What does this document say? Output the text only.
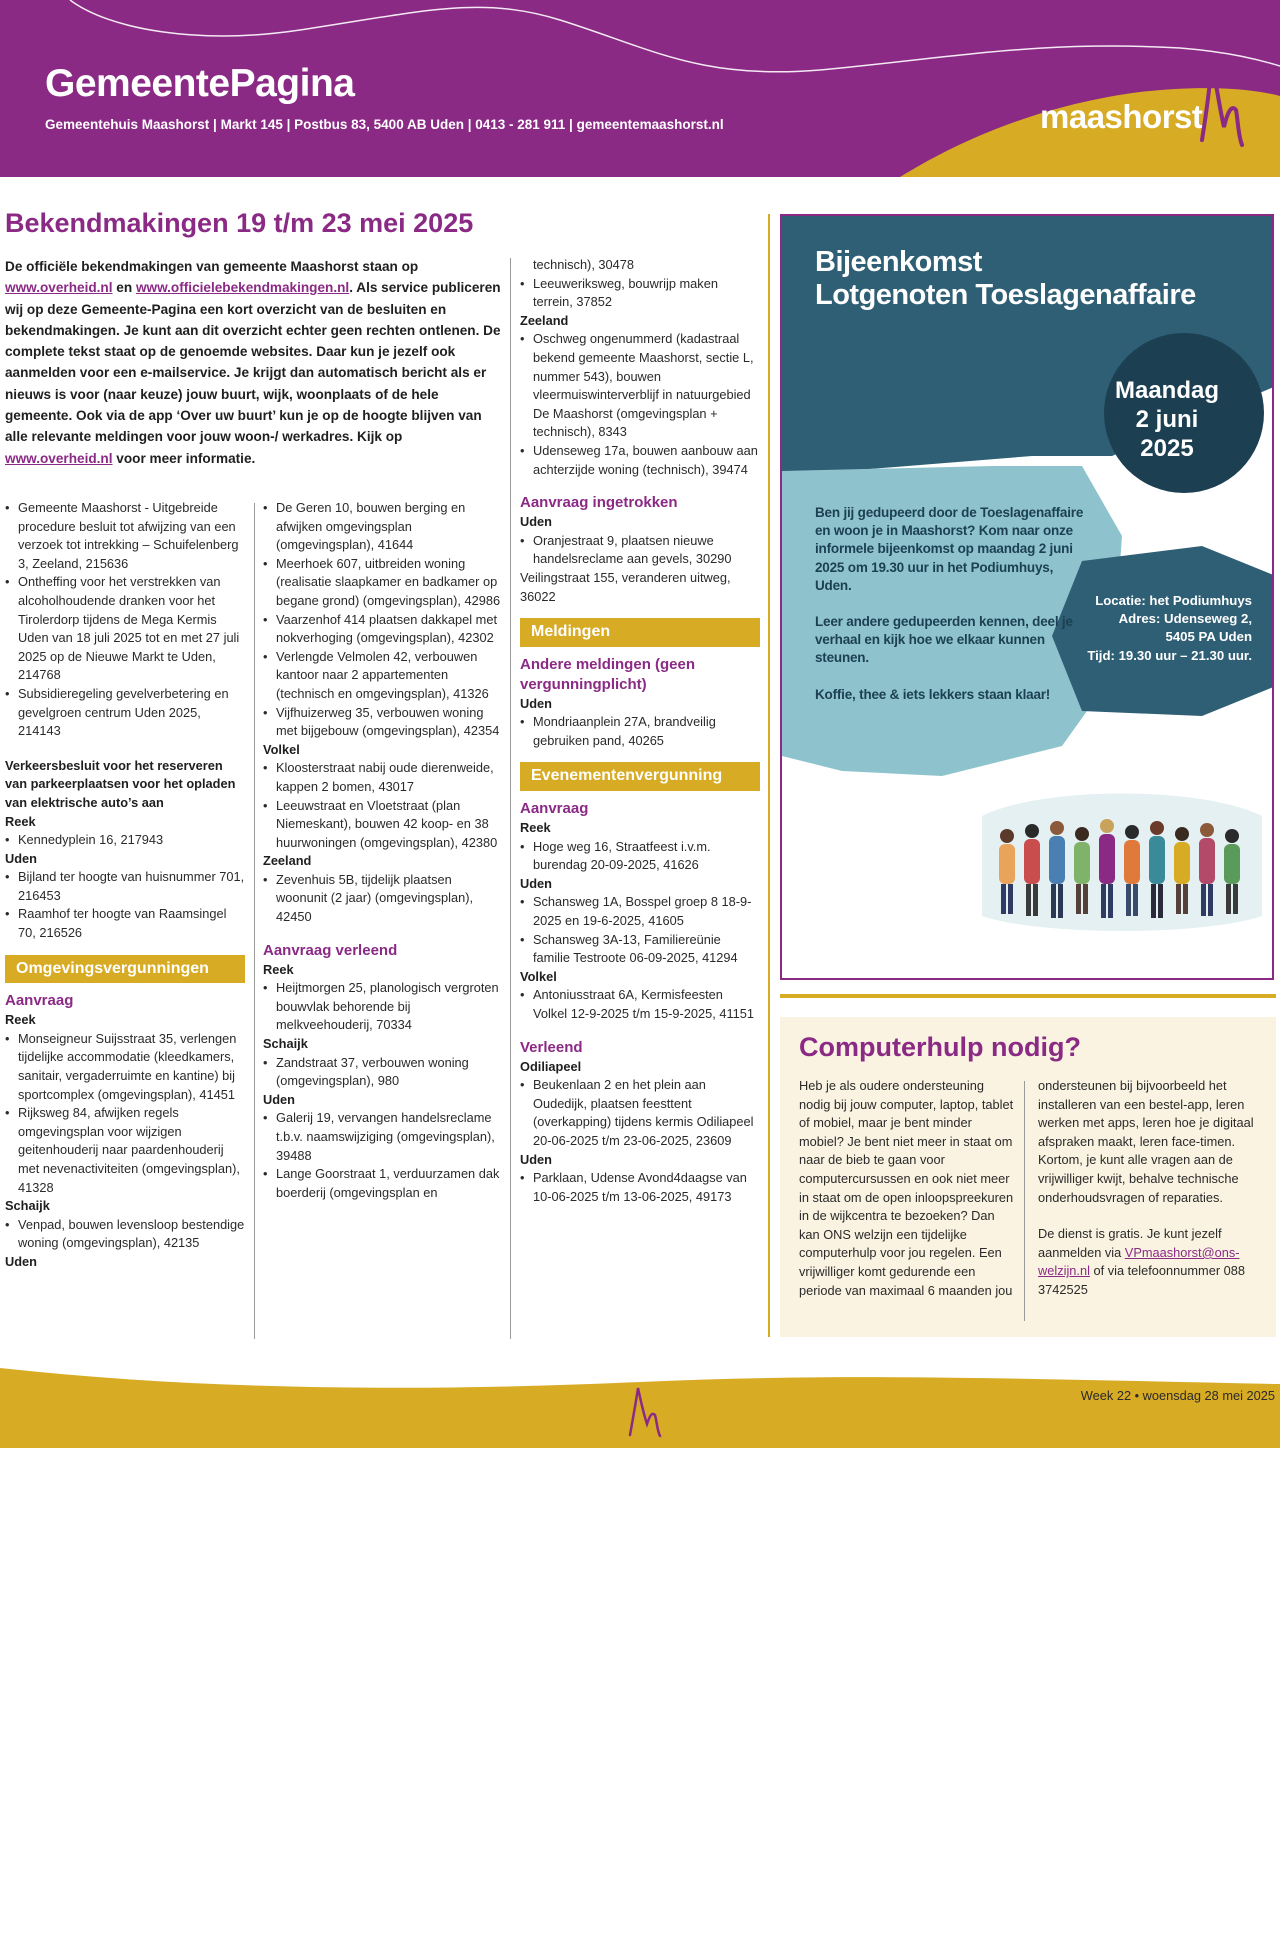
GemeentePagina
Gemeentehuis Maashorst | Markt 145 | Postbus 83, 5400 AB Uden | 0413 - 281 911 | gemeentemaashorst.nl	maashorst
Bekendmakingen 19 t/m 23 mei 2025
De officiële bekendmakingen van gemeente Maashorst staan op www.overheid.nl en www.officielebekendmakingen.nl. Als service publiceren wij op deze Gemeente-Pagina een kort overzicht van de besluiten en bekendmakingen. Je kunt aan dit overzicht echter geen rechten ontlenen. De complete tekst staat op de genoemde websites. Daar kun je jezelf ook aanmelden voor een e-mailservice. Je krijgt dan automatisch bericht als er nieuws is voor (naar keuze) jouw buurt, wijk, woonplaats of de hele gemeente. Ook via de app ‘Over uw buurt’ kun je op de hoogte blijven van alle relevante meldingen voor jouw woon-/ werkadres. Kijk op www.overheid.nl voor meer informatie.
• Gemeente Maashorst - Uitgebreide procedure besluit tot afwijzing van een verzoek tot intrekking – Schuifelenberg 3, Zeeland, 215636
• Ontheffing voor het verstrekken van alcoholhoudende dranken voor het Tirolerdorp tijdens de Mega Kermis Uden van 18 juli 2025 tot en met 27 juli 2025 op de Nieuwe Markt te Uden, 214768
• Subsidieregeling gevelverbetering en gevelgroen centrum Uden 2025, 214143
Verkeersbesluit voor het reserveren van parkeerplaatsen voor het opladen van elektrische auto’s aan
Reek
• Kennedyplein 16, 217943
Uden
• Bijland ter hoogte van huisnummer 701, 216453
• Raamhof ter hoogte van Raamsingel 70, 216526
Omgevingsvergunningen
Aanvraag
Reek
• Monseigneur Suijsstraat 35, verlengen tijdelijke accommodatie (kleedkamers, sanitair, vergaderruimte en kantine) bij sportcomplex (omgevingsplan), 41451
• Rijksweg 84, afwijken regels omgevingsplan voor wijzigen geitenhouderij naar paardenhouderij met nevenactiviteiten (omgevingsplan), 41328
Schaijk
• Venpad, bouwen levensloop bestendige woning (omgevingsplan), 42135
Uden
• De Geren 10, bouwen berging en afwijken omgevingsplan (omgevingsplan), 41644
• Meerhoek 607, uitbreiden woning (realisatie slaapkamer en badkamer op begane grond) (omgevingsplan), 42986
• Vaarzenhof 414 plaatsen dakkapel met nokverhoging (omgevingsplan), 42302
• Verlengde Velmolen 42, verbouwen kantoor naar 2 appartementen (technisch en omgevingsplan), 41326
• Vijfhuizerweg 35, verbouwen woning met bijgebouw (omgevingsplan), 42354
Volkel
• Kloosterstraat nabij oude dierenweide, kappen 2 bomen, 43017
• Leeuwstraat en Vloetstraat (plan Niemeskant), bouwen 42 koop- en 38 huurwoningen (omgevingsplan), 42380
Zeeland
• Zevenhuis 5B, tijdelijk plaatsen woonunit (2 jaar) (omgevingsplan), 42450
Aanvraag verleend
Reek
• Heijtmorgen 25, planologisch vergroten bouwvlak behorende bij melkveehouderij, 70334
Schaijk
• Zandstraat 37, verbouwen woning (omgevingsplan), 980
Uden
• Galerij 19, vervangen handelsreclame t.b.v. naamswijziging (omgevingsplan), 39488
• Lange Goorstraat 1, verduurzamen dak boerderij (omgevingsplan en
technisch), 30478
• Leeuweriksweg, bouwrijp maken terrein, 37852
Zeeland
• Oschweg ongenummerd (kadastraal bekend gemeente Maashorst, sectie L, nummer 543), bouwen vleermuiswinterverblijf in natuurgebied De Maashorst (omgevingsplan + technisch), 8343
• Udenseweg 17a, bouwen aanbouw aan achterzijde woning (technisch), 39474
Aanvraag ingetrokken
Uden
• Oranjestraat 9, plaatsen nieuwe handelsreclame aan gevels, 30290
Veilingstraat 155, veranderen uitweg, 36022
Meldingen
Andere meldingen (geen vergunningplicht)
Uden
• Mondriaanplein 27A, brandveilig gebruiken pand, 40265
Evenementenvergunning
Aanvraag
Reek
• Hoge weg 16, Straatfeest i.v.m. burendag 20-09-2025, 41626
Uden
• Schansweg 1A, Bosspel groep 8 18-9-2025 en 19-6-2025, 41605
• Schansweg 3A-13, Familiereünie familie Testroote 06-09-2025, 41294
Volkel
• Antoniusstraat 6A, Kermisfeesten Volkel 12-9-2025 t/m 15-9-2025, 41151
Verleend
Odiliapeel
• Beukenlaan 2 en het plein aan Oudedijk, plaatsen feesttent (overkapping) tijdens kermis Odiliapeel 20-06-2025 t/m 23-06-2025, 23609
Uden
• Parklaan, Udense Avond4daagse van 10-06-2025 t/m 13-06-2025, 49173
Bijeenkomst
Lotgenoten Toeslagenaffaire
Maandag
2 juni
2025

Ben jij gedupeerd door de Toeslagenaffaire en woon je in Maashorst? Kom naar onze informele bijeenkomst op maandag 2 juni 2025 om 19.30 uur in het Podiumhuys, Uden.

Leer andere gedupeerden kennen, deel je verhaal en kijk hoe we elkaar kunnen steunen.

Koffie, thee & iets lekkers staan klaar!

Locatie: het Podiumhuys
Adres: Udenseweg 2,
5405 PA Uden
Tijd: 19.30 uur – 21.30 uur.
Computerhulp nodig?
Heb je als oudere ondersteuning nodig bij jouw computer, laptop, tablet of mobiel, maar je bent minder mobiel? Je bent niet meer in staat om naar de bieb te gaan voor computercursussen en ook niet meer in staat om de open inloopspreekuren in de wijkcentra te bezoeken? Dan kan ONS welzijn een tijdelijke computerhulp voor jou regelen. Een vrijwilliger komt gedurende een periode van maximaal 6 maanden jou

ondersteunen bij bijvoorbeeld het installeren van een bestel-app, leren werken met apps, leren hoe je digitaal afspraken maakt, leren face-timen. Kortom, je kunt alle vragen aan de vrijwilliger kwijt, behalve technische onderhoudsvragen of reparaties.

De dienst is gratis. Je kunt jezelf aanmelden via VPmaashorst@ons-welzijn.nl of via telefoonnummer 088 3742525

Week 22 • woensdag 28 mei 2025
